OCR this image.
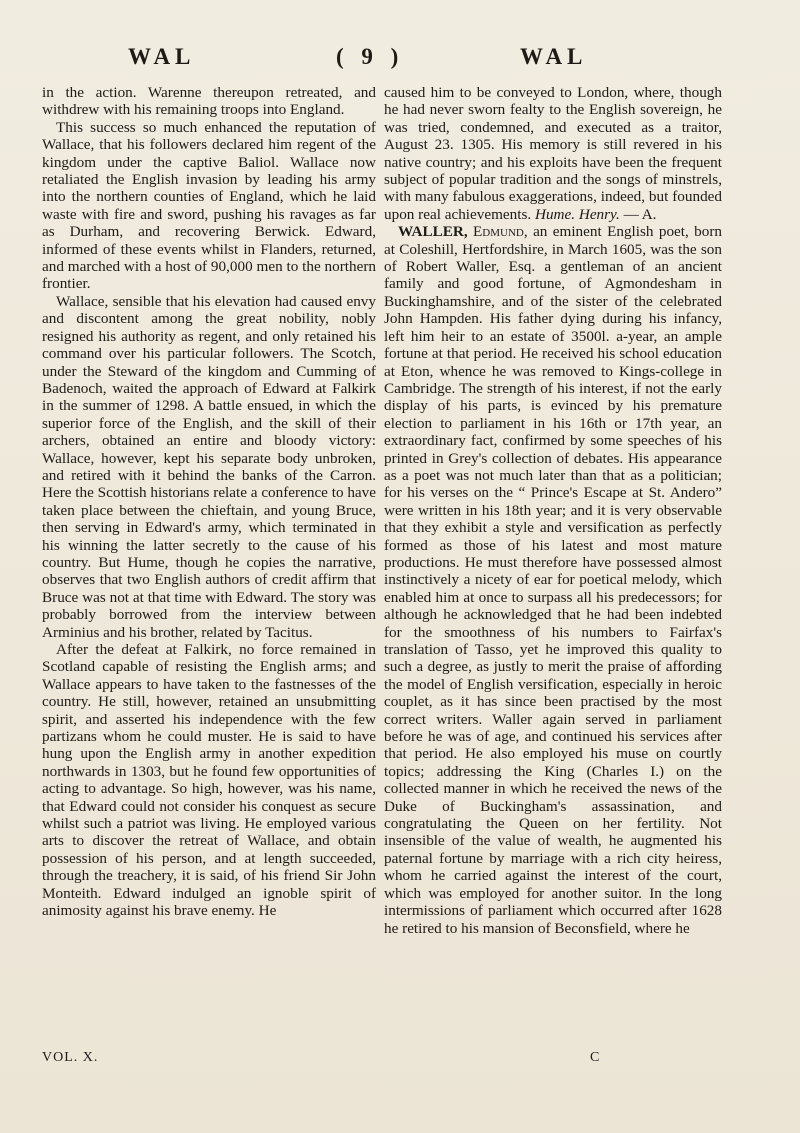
WAL	( 9 )	WAL

in the action. Warenne thereupon retreated, and withdrew with his remaining troops into England.

This success so much enhanced the reputation of Wallace, that his followers declared him regent of the kingdom under the captive Baliol. Wallace now retaliated the English invasion by leading his army into the northern counties of England, which he laid waste with fire and sword, pushing his ravages as far as Durham, and recovering Berwick. Edward, informed of these events whilst in Flanders, returned, and marched with a host of 90,000 men to the northern frontier.

Wallace, sensible that his elevation had caused envy and discontent among the great nobility, nobly resigned his authority as regent, and only retained his command over his particular followers. The Scotch, under the Steward of the kingdom and Cumming of Badenoch, waited the approach of Edward at Falkirk in the summer of 1298. A battle ensued, in which the superior force of the English, and the skill of their archers, obtained an entire and bloody victory: Wallace, however, kept his separate body unbroken, and retired with it behind the banks of the Carron. Here the Scottish historians relate a conference to have taken place between the chieftain, and young Bruce, then serving in Edward's army, which terminated in his winning the latter secretly to the cause of his country. But Hume, though he copies the narrative, observes that two English authors of credit affirm that Bruce was not at that time with Edward. The story was probably borrowed from the interview between Arminius and his brother, related by Tacitus.

After the defeat at Falkirk, no force remained in Scotland capable of resisting the English arms; and Wallace appears to have taken to the fastnesses of the country. He still, however, retained an unsubmitting spirit, and asserted his independence with the few partizans whom he could muster. He is said to have hung upon the English army in another expedition northwards in 1303, but he found few opportunities of acting to advantage. So high, however, was his name, that Edward could not consider his conquest as secure whilst such a patriot was living. He employed various arts to discover the retreat of Wallace, and obtain possession of his person, and at length succeeded, through the treachery, it is said, of his friend Sir John Monteith. Edward indulged an ignoble spirit of animosity against his brave enemy. He

caused him to be conveyed to London, where, though he had never sworn fealty to the English sovereign, he was tried, condemned, and executed as a traitor, August 23. 1305. His memory is still revered in his native country; and his exploits have been the frequent subject of popular tradition and the songs of minstrels, with many fabulous exaggerations, indeed, but founded upon real achievements. Hume. Henry. — A.

WALLER, Edmund, an eminent English poet, born at Coleshill, Hertfordshire, in March 1605, was the son of Robert Waller, Esq. a gentleman of an ancient family and good fortune, of Agmondesham in Buckinghamshire, and of the sister of the celebrated John Hampden. His father dying during his infancy, left him heir to an estate of 3500l. a-year, an ample fortune at that period. He received his school education at Eton, whence he was removed to Kings-college in Cambridge. The strength of his interest, if not the early display of his parts, is evinced by his premature election to parliament in his 16th or 17th year, an extraordinary fact, confirmed by some speeches of his printed in Grey's collection of debates. His appearance as a poet was not much later than that as a politician; for his verses on the “ Prince's Escape at St. Andero” were written in his 18th year; and it is very observable that they exhibit a style and versification as perfectly formed as those of his latest and most mature productions. He must therefore have possessed almost instinctively a nicety of ear for poetical melody, which enabled him at once to surpass all his predecessors; for although he acknowledged that he had been indebted for the smoothness of his numbers to Fairfax's translation of Tasso, yet he improved this quality to such a degree, as justly to merit the praise of affording the model of English versification, especially in heroic couplet, as it has since been practised by the most correct writers. Waller again served in parliament before he was of age, and continued his services after that period. He also employed his muse on courtly topics; addressing the King (Charles I.) on the collected manner in which he received the news of the Duke of Buckingham's assassination, and congratulating the Queen on her fertility. Not insensible of the value of wealth, he augmented his paternal fortune by marriage with a rich city heiress, whom he carried against the interest of the court, which was employed for another suitor. In the long intermissions of parliament which occurred after 1628 he retired to his mansion of Beconsfield, where he

VOL. X.	C
